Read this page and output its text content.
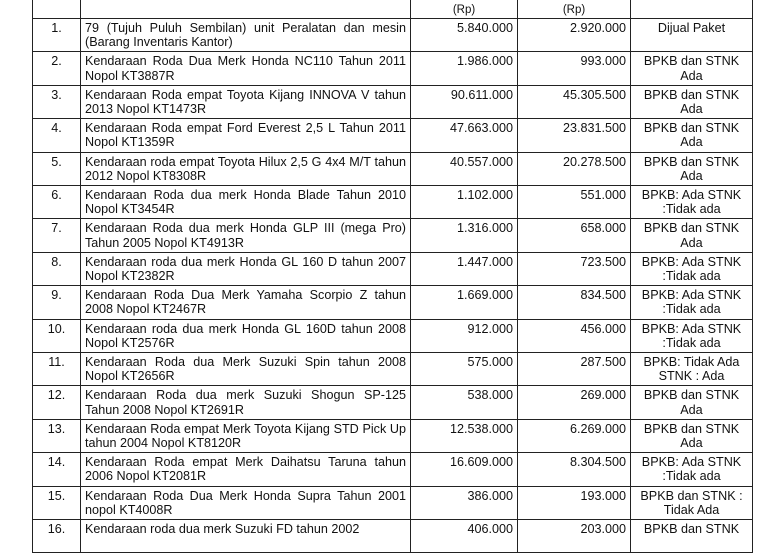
		(Rp)	(Rp)	

1.	79 (Tujuh Puluh Sembilan) unit Peralatan dan mesin (Barang Inventaris Kantor)	5.840.000	2.920.000	Dijual Paket
2.	Kendaraan Roda Dua Merk Honda NC110 Tahun 2011 Nopol KT3887R	1.986.000	993.000	BPKB dan STNK Ada
3.	Kendaraan Roda empat Toyota Kijang INNOVA V tahun 2013 Nopol KT1473R	90.611.000	45.305.500	BPKB dan STNK Ada
4.	Kendaraan Roda empat Ford Everest 2,5 L Tahun 2011 Nopol KT1359R	47.663.000	23.831.500	BPKB dan STNK Ada
5.	Kendaraan roda empat Toyota Hilux 2,5 G 4x4 M/T tahun 2012 Nopol KT8308R	40.557.000	20.278.500	BPKB dan STNK Ada
6.	Kendaraan Roda dua merk Honda Blade Tahun 2010 Nopol KT3454R	1.102.000	551.000	BPKB: Ada STNK :Tidak ada
7.	Kendaraan Roda dua merk Honda GLP III (mega Pro) Tahun 2005 Nopol KT4913R	1.316.000	658.000	BPKB dan STNK Ada
8.	Kendaraan roda dua merk Honda GL 160 D tahun 2007 Nopol KT2382R	1.447.000	723.500	BPKB: Ada STNK :Tidak ada
9.	Kendaraan Roda Dua Merk Yamaha Scorpio Z tahun 2008 Nopol KT2467R	1.669.000	834.500	BPKB: Ada STNK :Tidak ada
10.	Kendaraan roda dua merk Honda GL 160D tahun 2008 Nopol KT2576R	912.000	456.000	BPKB: Ada STNK :Tidak ada
11.	Kendaraan Roda dua Merk Suzuki Spin tahun 2008 Nopol KT2656R	575.000	287.500	BPKB: Tidak Ada STNK : Ada
12.	Kendaraan Roda dua merk Suzuki Shogun SP-125 Tahun 2008 Nopol KT2691R	538.000	269.000	BPKB dan STNK Ada
13.	Kendaraan Roda empat Merk Toyota Kijang STD Pick Up tahun 2004 Nopol KT8120R	12.538.000	6.269.000	BPKB dan STNK Ada
14.	Kendaraan Roda empat Merk Daihatsu Taruna tahun 2006 Nopol KT2081R	16.609.000	8.304.500	BPKB: Ada STNK :Tidak ada
15.	Kendaraan Roda Dua Merk Honda Supra Tahun 2001 nopol KT4008R	386.000	193.000	BPKB dan STNK : Tidak Ada
16.	Kendaraan roda dua merk Suzuki FD tahun 2002	406.000	203.000	BPKB dan STNK
